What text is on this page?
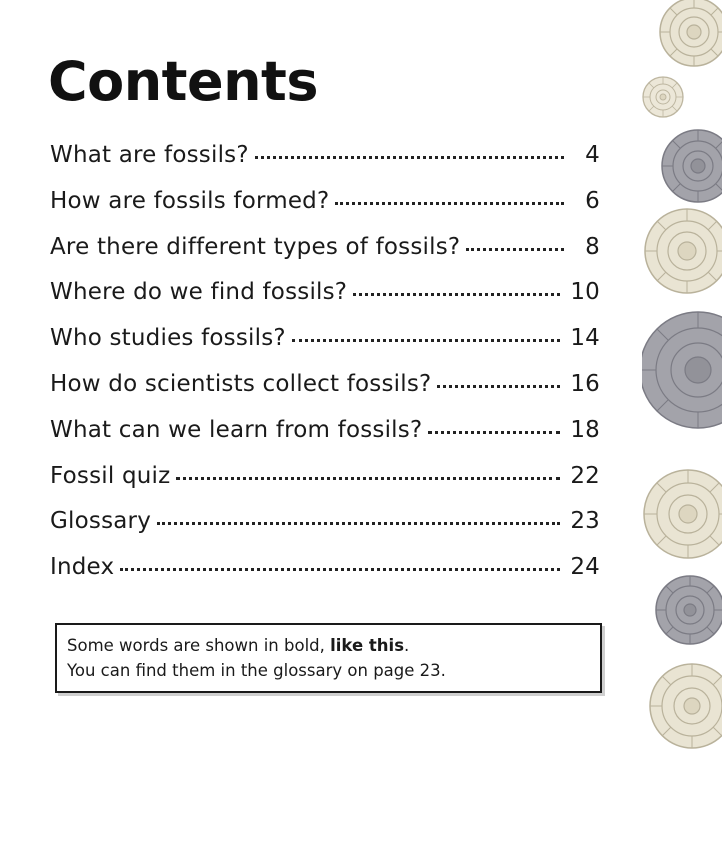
Contents
What are fossils?	4
How are fossils formed?	6
Are there different types of fossils?	8
Where do we find fossils?	10
Who studies fossils?	14
How do scientists collect fossils?	16
What can we learn from fossils?	18
Fossil quiz	22
Glossary	23
Index	24
Some words are shown in bold, like this.
You can find them in the glossary on page 23.
